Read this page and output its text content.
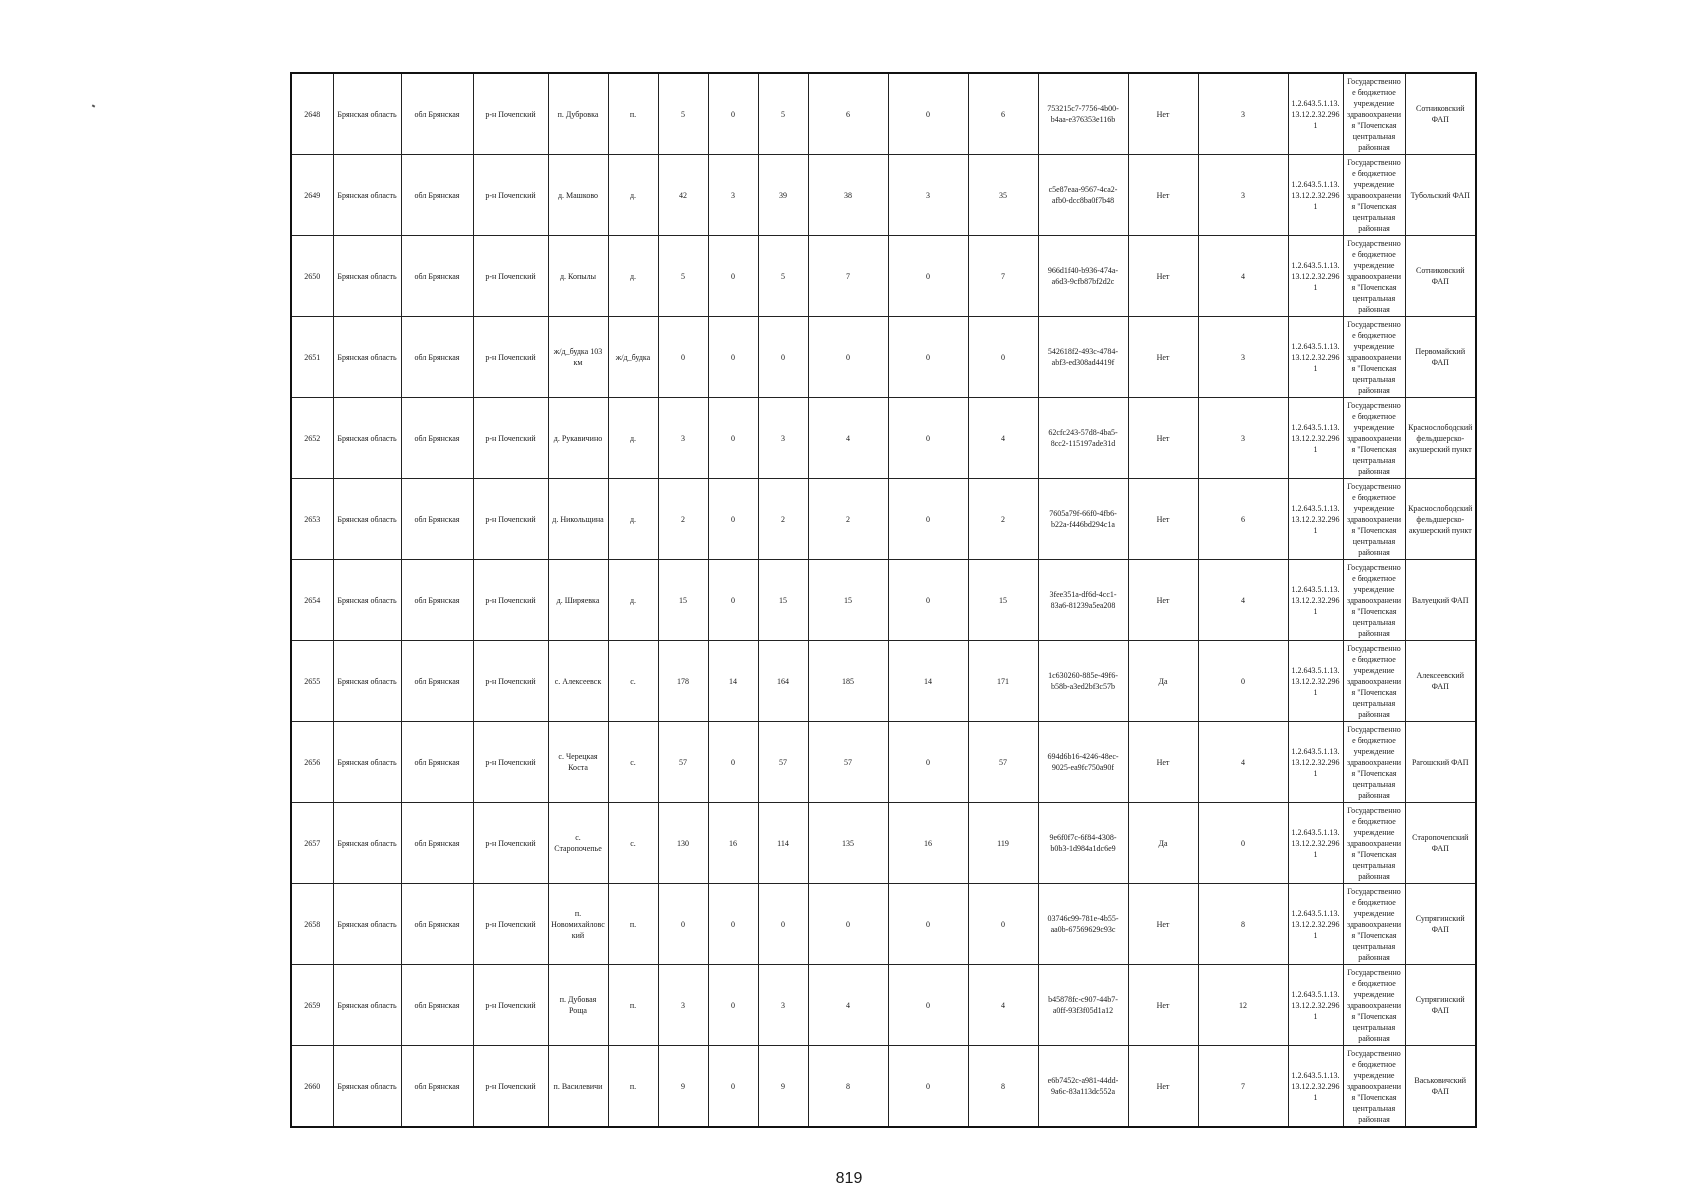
2648	Брянская область	обл Брянская	р-н Почепский	п. Дубровка	п.	5	0	5	6	0	6	753215c7-7756-4b00-b4aa-e376353e116b	Нет	3	1.2.643.5.1.13.13.12.2.32.2961	Государственное бюджетное учреждение здравоохранения "Почепская центральная районная	Сотниковский ФАП
2649	Брянская область	обл Брянская	р-н Почепский	д. Машково	д.	42	3	39	38	3	35	c5e87eaa-9567-4ca2-afb0-dcc8ba0f7b48	Нет	3	1.2.643.5.1.13.13.12.2.32.2961	Государственное бюджетное учреждение здравоохранения "Почепская центральная районная	Тубольский ФАП
2650	Брянская область	обл Брянская	р-н Почепский	д. Копылы	д.	5	0	5	7	0	7	966d1f40-b936-474a-a6d3-9cfb87bf2d2c	Нет	4	1.2.643.5.1.13.13.12.2.32.2961	Государственное бюджетное учреждение здравоохранения "Почепская центральная районная	Сотниковский ФАП
2651	Брянская область	обл Брянская	р-н Почепский	ж/д_будка 103 км	ж/д_будка	0	0	0	0	0	0	542618f2-493c-4784-abf3-ed308ad4419f	Нет	3	1.2.643.5.1.13.13.12.2.32.2961	Государственное бюджетное учреждение здравоохранения "Почепская центральная районная	Первомайский ФАП
2652	Брянская область	обл Брянская	р-н Почепский	д. Рукавичино	д.	3	0	3	4	0	4	62cfc243-57d8-4ba5-8cc2-115197ade31d	Нет	3	1.2.643.5.1.13.13.12.2.32.2961	Государственное бюджетное учреждение здравоохранения "Почепская центральная районная	Краснослободский фельдшерско-акушерский пункт
2653	Брянская область	обл Брянская	р-н Почепский	д. Никольщина	д.	2	0	2	2	0	2	7605a79f-66f0-4fb6-b22a-f446bd294c1a	Нет	6	1.2.643.5.1.13.13.12.2.32.2961	Государственное бюджетное учреждение здравоохранения "Почепская центральная районная	Краснослободский фельдшерско-акушерский пункт
2654	Брянская область	обл Брянская	р-н Почепский	д. Ширяевка	д.	15	0	15	15	0	15	3fee351a-df6d-4cc1-83a6-81239a5ea208	Нет	4	1.2.643.5.1.13.13.12.2.32.2961	Государственное бюджетное учреждение здравоохранения "Почепская центральная районная	Валуецкий ФАП
2655	Брянская область	обл Брянская	р-н Почепский	с. Алексеевск	с.	178	14	164	185	14	171	1c630260-885e-49f6-b58b-a3ed2bf3c57b	Да	0	1.2.643.5.1.13.13.12.2.32.2961	Государственное бюджетное учреждение здравоохранения "Почепская центральная районная	Алексеевский ФАП
2656	Брянская область	обл Брянская	р-н Почепский	с. Черецкая Коста	с.	57	0	57	57	0	57	694d6b16-4246-48ec-9025-ea9fc750a90f	Нет	4	1.2.643.5.1.13.13.12.2.32.2961	Государственное бюджетное учреждение здравоохранения "Почепская центральная районная	Рагошский ФАП
2657	Брянская область	обл Брянская	р-н Почепский	с. Старопочепье	с.	130	16	114	135	16	119	9e6f0f7c-6f84-4308-b0b3-1d984a1dc6e9	Да	0	1.2.643.5.1.13.13.12.2.32.2961	Государственное бюджетное учреждение здравоохранения "Почепская центральная районная	Старопочепский ФАП
2658	Брянская область	обл Брянская	р-н Почепский	п. Новомихайловский	п.	0	0	0	0	0	0	03746c99-781e-4b55-aa0b-67569629c93c	Нет	8	1.2.643.5.1.13.13.12.2.32.2961	Государственное бюджетное учреждение здравоохранения "Почепская центральная районная	Супрягинский ФАП
2659	Брянская область	обл Брянская	р-н Почепский	п. Дубовая Роща	п.	3	0	3	4	0	4	b45878fc-c907-44b7-a0ff-93f3f05d1a12	Нет	12	1.2.643.5.1.13.13.12.2.32.2961	Государственное бюджетное учреждение здравоохранения "Почепская центральная районная	Супрягинский ФАП
2660	Брянская область	обл Брянская	р-н Почепский	п. Василевичи	п.	9	0	9	8	0	8	e6b7452c-a981-44dd-9a6c-83a113dc552a	Нет	7	1.2.643.5.1.13.13.12.2.32.2961	Государственное бюджетное учреждение здравоохранения "Почепская центральная районная	Васьковичский ФАП
819
